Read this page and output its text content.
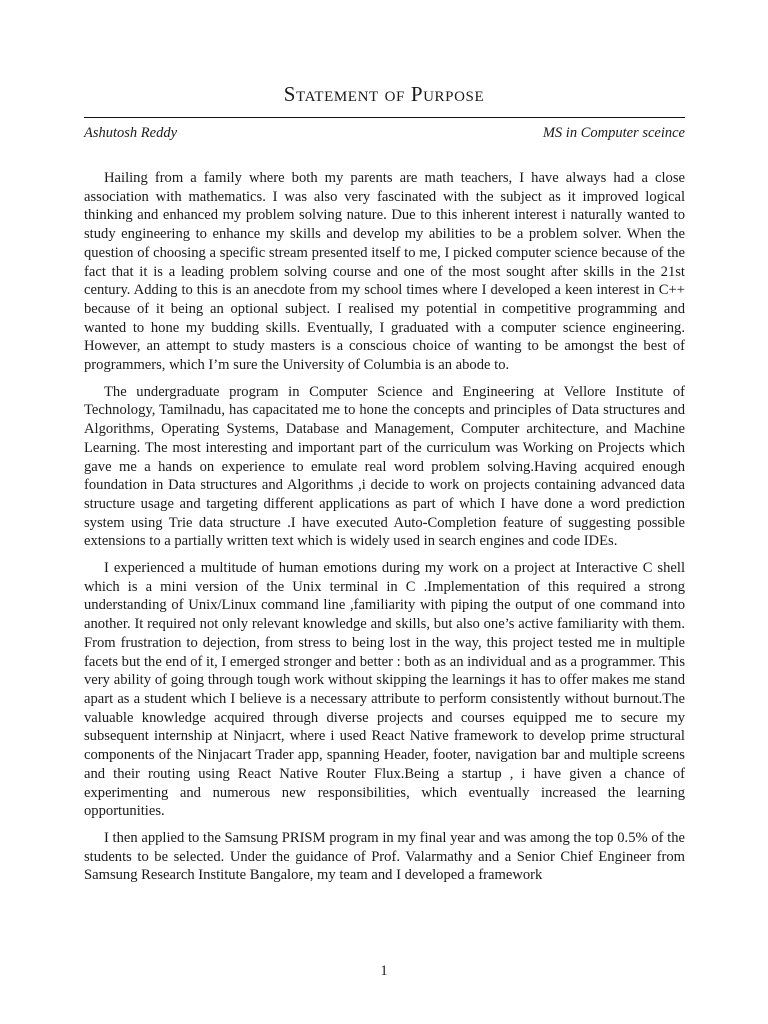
Statement of Purpose
Ashutosh Reddy	MS in Computer sceince

Hailing from a family where both my parents are math teachers, I have always had a close association with mathematics. I was also very fascinated with the subject as it improved logical thinking and enhanced my problem solving nature. Due to this inherent interest i naturally wanted to study engineering to enhance my skills and develop my abilities to be a problem solver. When the question of choosing a specific stream presented itself to me, I picked computer science because of the fact that it is a leading problem solving course and one of the most sought after skills in the 21st century. Adding to this is an anecdote from my school times where I developed a keen interest in C++ because of it being an optional subject. I realised my potential in competitive programming and wanted to hone my budding skills. Eventually, I graduated with a computer science engineering. However, an attempt to study masters is a conscious choice of wanting to be amongst the best of programmers, which I’m sure the University of Columbia is an abode to.

The undergraduate program in Computer Science and Engineering at Vellore Institute of Technology, Tamilnadu, has capacitated me to hone the concepts and principles of Data structures and Algorithms, Operating Systems, Database and Management, Computer architecture, and Machine Learning. The most interesting and important part of the curriculum was Working on Projects which gave me a hands on experience to emulate real word problem solving.Having acquired enough foundation in Data structures and Algorithms ,i decide to work on projects containing advanced data structure usage and targeting different applications as part of which I have done a word prediction system using Trie data structure .I have executed Auto-Completion feature of suggesting possible extensions to a partially written text which is widely used in search engines and code IDEs.

I experienced a multitude of human emotions during my work on a project at Interactive C shell which is a mini version of the Unix terminal in C .Implementation of this required a strong understanding of Unix/Linux command line ,familiarity with piping the output of one command into another. It required not only relevant knowledge and skills, but also one’s active familiarity with them. From frustration to dejection, from stress to being lost in the way, this project tested me in multiple facets but the end of it, I emerged stronger and better : both as an individual and as a programmer. This very ability of going through tough work without skipping the learnings it has to offer makes me stand apart as a student which I believe is a necessary attribute to perform consistently without burnout.The valuable knowledge acquired through diverse projects and courses equipped me to secure my subsequent internship at Ninjacrt, where i used React Native framework to develop prime structural components of the Ninjacart Trader app, spanning Header, footer, navigation bar and multiple screens and their routing using React Native Router Flux.Being a startup , i have given a chance of experimenting and numerous new responsibilities, which eventually increased the learning opportunities.

I then applied to the Samsung PRISM program in my final year and was among the top 0.5% of the students to be selected. Under the guidance of Prof. Valarmathy and a Senior Chief Engineer from Samsung Research Institute Bangalore, my team and I developed a framework

1
